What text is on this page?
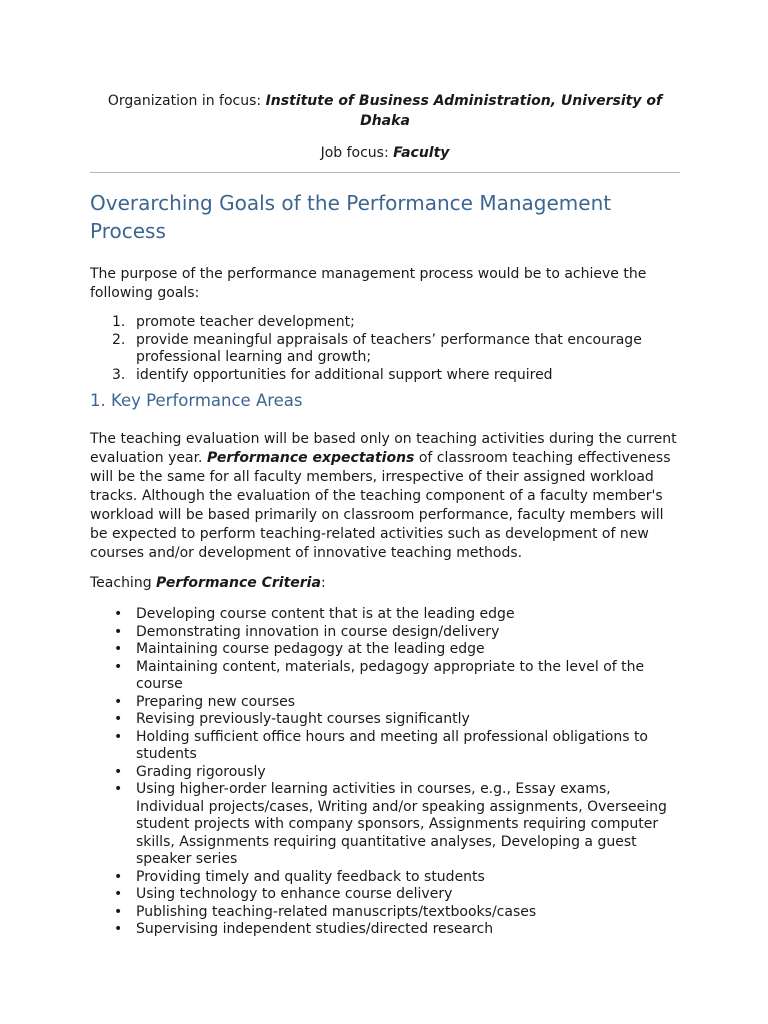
Organization in focus: Institute of Business Administration, University of Dhaka
Job focus: Faculty
Overarching Goals of the Performance Management Process

The purpose of the performance management process would be to achieve the following goals:

1. promote teacher development;
2. provide meaningful appraisals of teachers’ performance that encourage professional learning and growth;
3. identify opportunities for additional support where required
1. Key Performance Areas

The teaching evaluation will be based only on teaching activities during the current evaluation year. Performance expectations of classroom teaching effectiveness will be the same for all faculty members, irrespective of their assigned workload tracks. Although the evaluation of the teaching component of a faculty member's workload will be based primarily on classroom performance, faculty members will be expected to perform teaching-related activities such as development of new courses and/or development of innovative teaching methods.

Teaching Performance Criteria:

• Developing course content that is at the leading edge
• Demonstrating innovation in course design/delivery
• Maintaining course pedagogy at the leading edge
• Maintaining content, materials, pedagogy appropriate to the level of the course
• Preparing new courses
• Revising previously-taught courses significantly
• Holding sufficient office hours and meeting all professional obligations to students
• Grading rigorously
• Using higher-order learning activities in courses, e.g., Essay exams, Individual projects/cases, Writing and/or speaking assignments, Overseeing student projects with company sponsors, Assignments requiring computer skills, Assignments requiring quantitative analyses, Developing a guest speaker series
• Providing timely and quality feedback to students
• Using technology to enhance course delivery
• Publishing teaching-related manuscripts/textbooks/cases
• Supervising independent studies/directed research
